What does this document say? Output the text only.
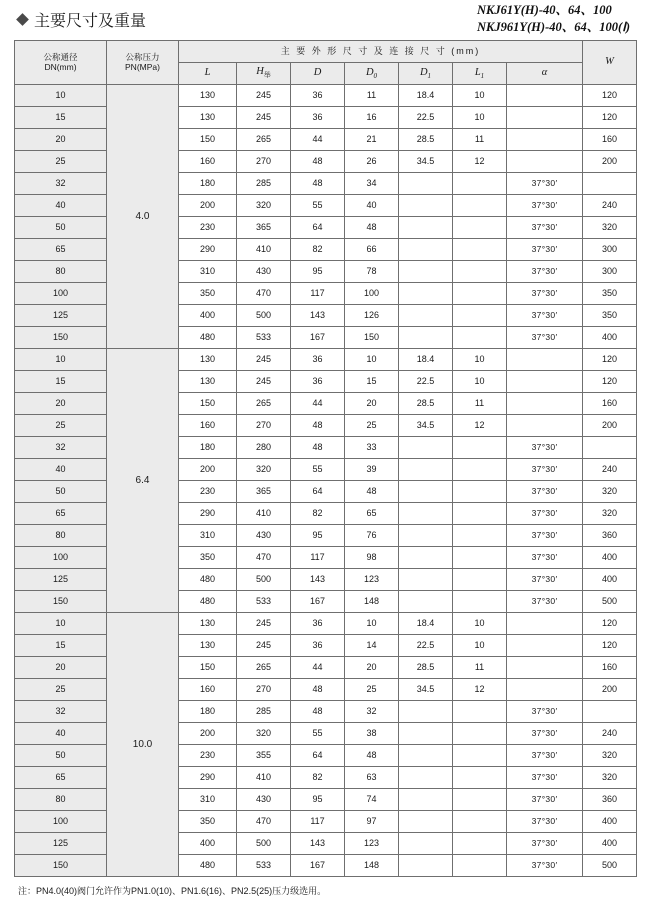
主要尺寸及重量
NKJ61Y(H)-40、64、100
NKJ961Y(H)-40、64、100(Ⅰ)
公称通径
DN(mm)

公称压力
PN(MPa)
	主 要 外 形 尺 寸 及 连 接 尺 寸 (mm)	W
		L	$H_举$	D	$D_0$	$D_1$	$L_1$	α	
10	4.0	130	245	36	11	18.4	10		120
15		130	245	36	16	22.5	10		120
20		150	265	44	21	28.5	11		160
25		160	270	48	26	34.5	12		200
32		180	285	48	34			37°30′	
40		200	320	55	40			37°30′	240
50		230	365	64	48			37°30′	320
65		290	410	82	66			37°30′	300
80		310	430	95	78			37°30′	300
100		350	470	117	100			37°30′	350
125		400	500	143	126			37°30′	350
150		480	533	167	150			37°30′	400
10	6.4	130	245	36	10	18.4	10		120
15		130	245	36	15	22.5	10		120
20		150	265	44	20	28.5	11		160
25		160	270	48	25	34.5	12		200
32		180	280	48	33			37°30′	
40		200	320	55	39			37°30′	240
50		230	365	64	48			37°30′	320
65		290	410	82	65			37°30′	320
80		310	430	95	76			37°30′	360
100		350	470	117	98			37°30′	400
125		480	500	143	123			37°30′	400
150		480	533	167	148			37°30′	500
10	10.0	130	245	36	10	18.4	10		120
15		130	245	36	14	22.5	10		120
20		150	265	44	20	28.5	11		160
25		160	270	48	25	34.5	12		200
32		180	285	48	32			37°30′	
40		200	320	55	38			37°30′	240
50		230	355	64	48			37°30′	320
65		290	410	82	63			37°30′	320
80		310	430	95	74			37°30′	360
100		350	470	117	97			37°30′	400
125		400	500	143	123			37°30′	400
150		480	533	167	148			37°30′	500
注：PN4.0(40)阀门允许作为PN1.0(10)、PN1.6(16)、PN2.5(25)压力级选用。
